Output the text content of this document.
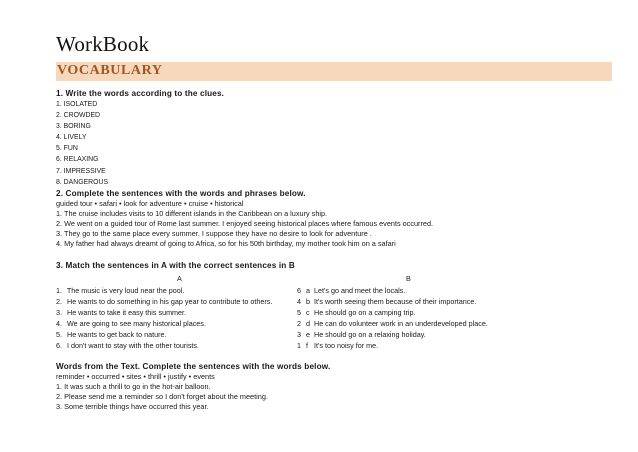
WorkBook
VOCABULARY
1. Write the words according to the clues.
1. ISOLATED
2. CROWDED
3. BORING
4. LIVELY
5. FUN
6. RELAXING
7. IMPRESSIVE
8. DANGEROUS
2. Complete the sentences with the words and phrases below.
guided tour • safari • look for adventure • cruise • historical
1. The cruise includes visits to 10 different islands in the Caribbean on a luxury ship.
2. We went on a guided tour of Rome last summer. I enjoyed seeing historical places where famous events occurred.
3. They go to the same place every summer. I suppose they have no desire to look for adventure .
4. My father had always dreamt of going to Africa, so for his 50th birthday, my mother took him on a safari
3. Match the sentences in A with the correct sentences in B
A	B
1. The music is very loud near the pool.
2. He wants to do something in his gap year to contribute to others.
3. He wants to take it easy this summer.
4. We are going to see many historical places.
5. He wants to get back to nature.
6. I don't want to stay with the other tourists.
6 a Let's go and meet the locals.
4 b It's worth seeing them because of their importance.
5 c He should go on a camping trip.
2 d He can do volunteer work in an underdeveloped place.
3 e He should go on a relaxing holiday.
1 f It's too noisy for me.
Words from the Text. Complete the sentences with the words below.
reminder • occurred • sites • thrill • justify • events
1. It was such a thrill to go in the hot-air balloon.
2. Please send me a reminder so I don't forget about the meeting.
3. Some terrible things have occurred this year.
